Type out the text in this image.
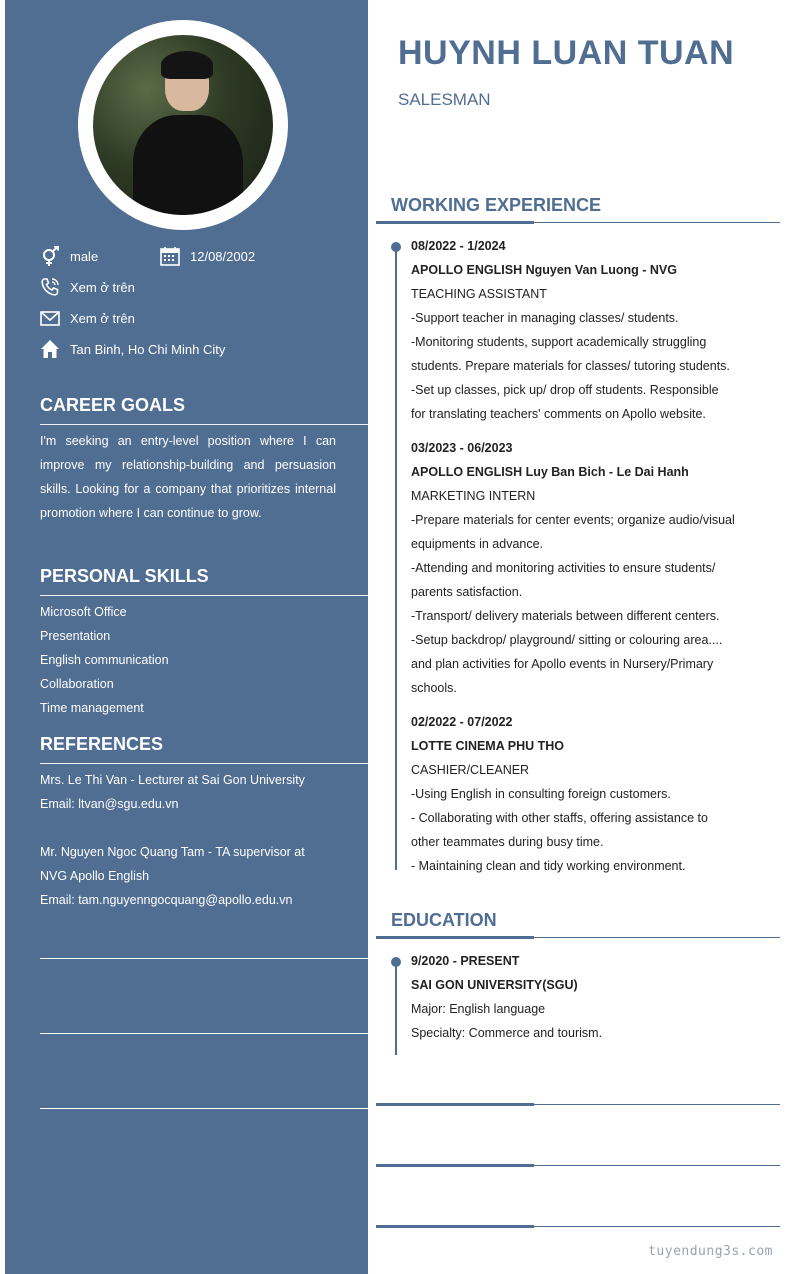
male	12/08/2002
Xem ở trên
Xem ở trên
Tan Binh, Ho Chi Minh City
CAREER GOALS
I'm seeking an entry-level position where I can improve my relationship-building and persuasion skills. Looking for a company that prioritizes internal promotion where I can continue to grow.
PERSONAL SKILLS
Microsoft Office
Presentation
English communication
Collaboration
Time management
REFERENCES
Mrs. Le Thi Van - Lecturer at Sai Gon University
Email: ltvan@sgu.edu.vn
Mr. Nguyen Ngoc Quang Tam - TA supervisor at
NVG Apollo English
Email: tam.nguyenngocquang@apollo.edu.vn
HUYNH LUAN TUAN
SALESMAN
WORKING EXPERIENCE
08/2022 - 1/2024
APOLLO ENGLISH Nguyen Van Luong - NVG
TEACHING ASSISTANT
-Support teacher in managing classes/ students.
-Monitoring students, support academically struggling
students. Prepare materials for classes/ tutoring students.
-Set up classes, pick up/ drop off students. Responsible
for translating teachers' comments on Apollo website.
03/2023 - 06/2023
APOLLO ENGLISH Luy Ban Bich - Le Dai Hanh
MARKETING INTERN
-Prepare materials for center events; organize audio/visual
equipments in advance.
-Attending and monitoring activities to ensure students/
parents satisfaction.
-Transport/ delivery materials between different centers.
-Setup backdrop/ playground/ sitting or colouring area....
and plan activities for Apollo events in Nursery/Primary
schools.
02/2022 - 07/2022
LOTTE CINEMA PHU THO
CASHIER/CLEANER
-Using English in consulting foreign customers.
- Collaborating with other staffs, offering assistance to
other teammates during busy time.
- Maintaining clean and tidy working environment.
EDUCATION
9/2020 - PRESENT
SAI GON UNIVERSITY(SGU)
Major: English language
Specialty: Commerce and tourism.
tuyendung3s.com
